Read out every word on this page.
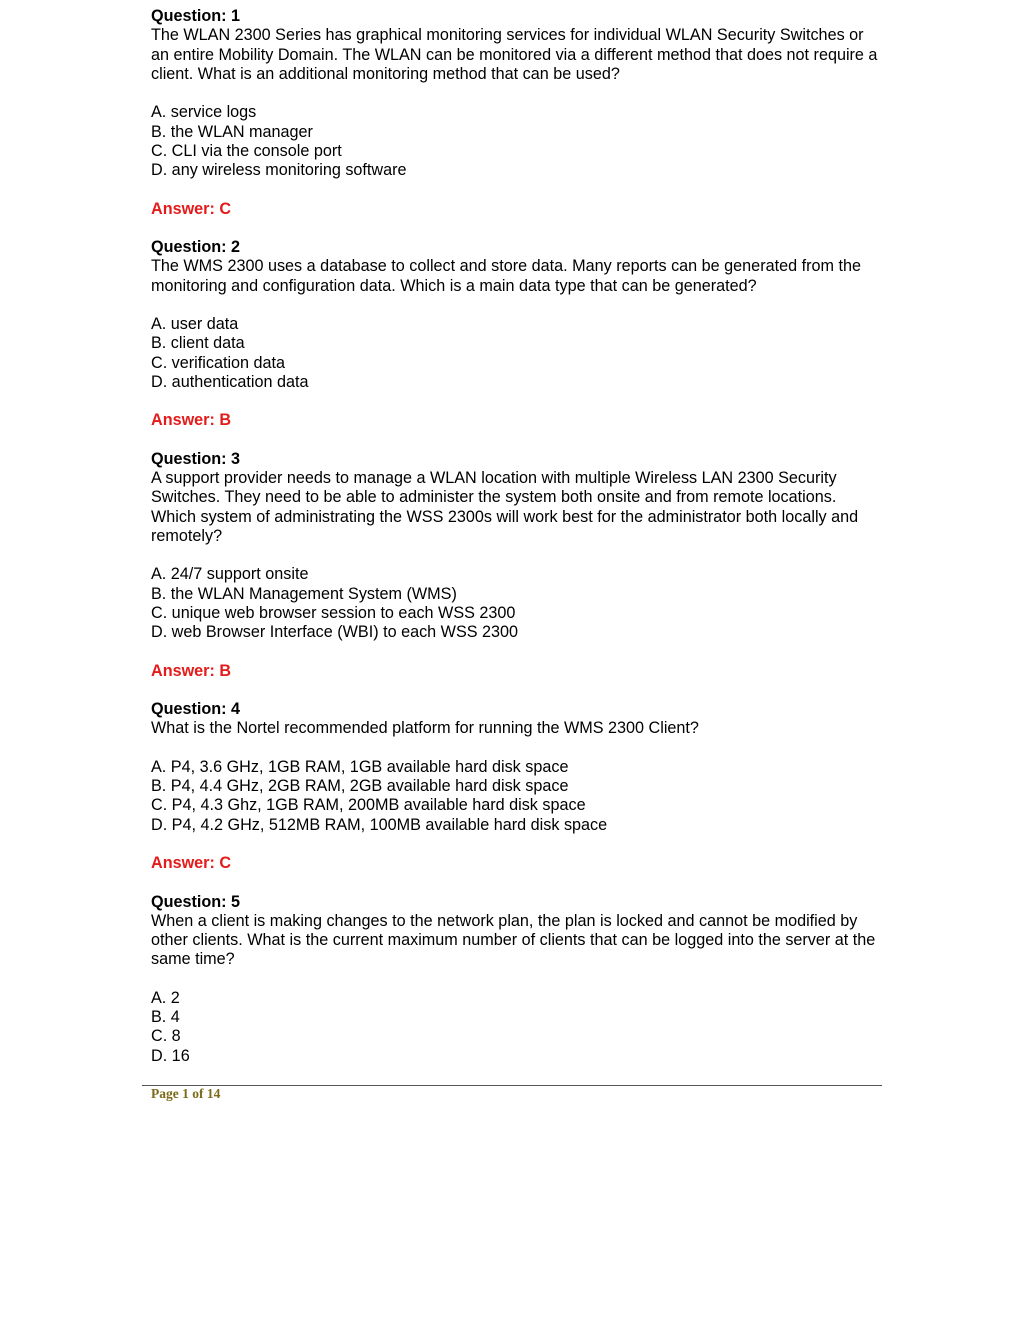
Question: 1
The WLAN 2300 Series has graphical monitoring services for individual WLAN Security Switches or an entire Mobility Domain. The WLAN can be monitored via a different method that does not require a client. What is an additional monitoring method that can be used?
A. service logs
B. the WLAN manager
C. CLI via the console port
D. any wireless monitoring software
Answer: C
Question: 2
The WMS 2300 uses a database to collect and store data. Many reports can be generated from the monitoring and configuration data. Which is a main data type that can be generated?
A. user data
B. client data
C. verification data
D. authentication data
Answer: B
Question: 3
A support provider needs to manage a WLAN location with multiple Wireless LAN 2300 Security Switches. They need to be able to administer the system both onsite and from remote locations. Which system of administrating the WSS 2300s will work best for the administrator both locally and remotely?
A. 24/7 support onsite
B. the WLAN Management System (WMS)
C. unique web browser session to each WSS 2300
D. web Browser Interface (WBI) to each WSS 2300
Answer: B
Question: 4
What is the Nortel recommended platform for running the WMS 2300 Client?
A. P4, 3.6 GHz, 1GB RAM, 1GB available hard disk space
B. P4, 4.4 GHz, 2GB RAM, 2GB available hard disk space
C. P4, 4.3 Ghz, 1GB RAM, 200MB available hard disk space
D. P4, 4.2 GHz, 512MB RAM, 100MB available hard disk space
Answer: C
Question: 5
When a client is making changes to the network plan, the plan is locked and cannot be modified by other clients. What is the current maximum number of clients that can be logged into the server at the same time?
A. 2
B. 4
C. 8
D. 16
Page 1 of 14
